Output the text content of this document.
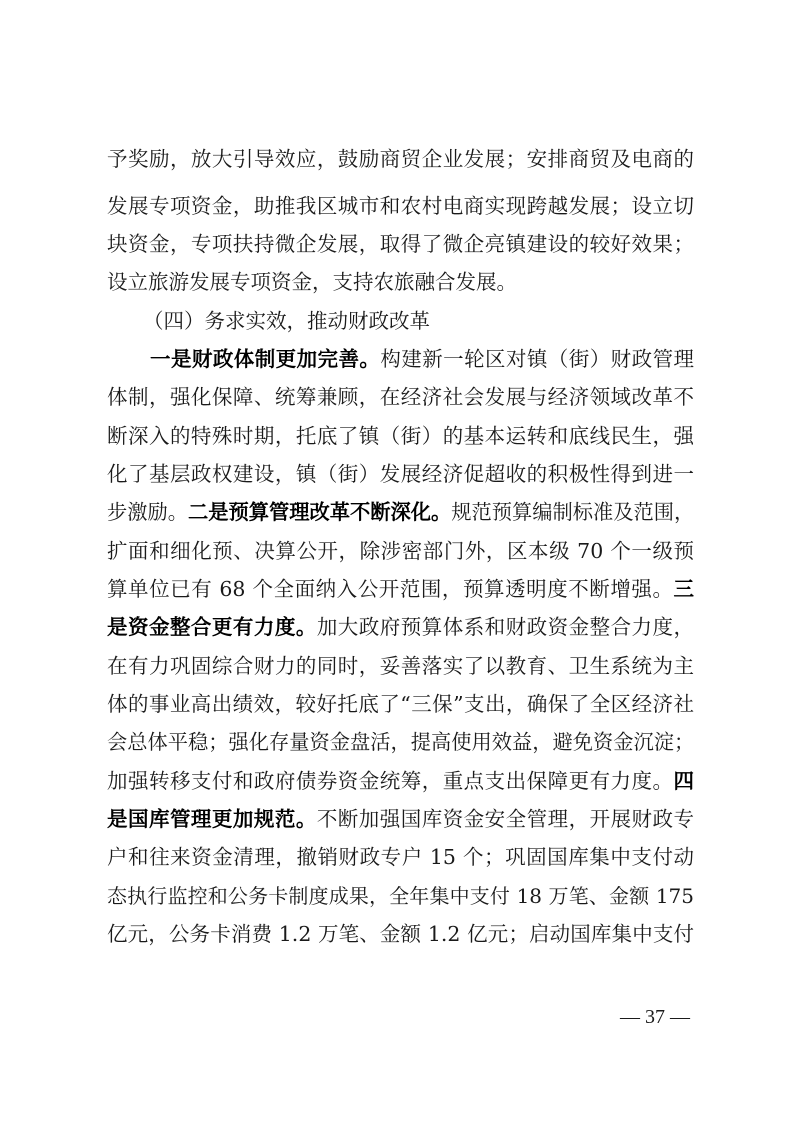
予奖励，放大引导效应，鼓励商贸企业发展；安排商贸及电商的
发展专项资金，助推我区城市和农村电商实现跨越发展；设立切
块资金，专项扶持微企发展，取得了微企亮镇建设的较好效果；
设立旅游发展专项资金，支持农旅融合发展。
（四）务求实效，推动财政改革
一是财政体制更加完善。构建新一轮区对镇（街）财政管理
体制，强化保障、统筹兼顾，在经济社会发展与经济领域改革不
断深入的特殊时期，托底了镇（街）的基本运转和底线民生，强
化了基层政权建设，镇（街）发展经济促超收的积极性得到进一
步激励。二是预算管理改革不断深化。规范预算编制标准及范围，
扩面和细化预、决算公开，除涉密部门外，区本级 70 个一级预
算单位已有 68 个全面纳入公开范围，预算透明度不断增强。三
是资金整合更有力度。加大政府预算体系和财政资金整合力度，
在有力巩固综合财力的同时，妥善落实了以教育、卫生系统为主
体的事业高出绩效，较好托底了“三保”支出，确保了全区经济社
会总体平稳；强化存量资金盘活，提高使用效益，避免资金沉淀；
加强转移支付和政府债券资金统筹，重点支出保障更有力度。四
是国库管理更加规范。不断加强国库资金安全管理，开展财政专
户和往来资金清理，撤销财政专户 15 个；巩固国库集中支付动
态执行监控和公务卡制度成果，全年集中支付 18 万笔、金额 175
亿元，公务卡消费 1.2 万笔、金额 1.2 亿元；启动国库集中支付
— 37 —
